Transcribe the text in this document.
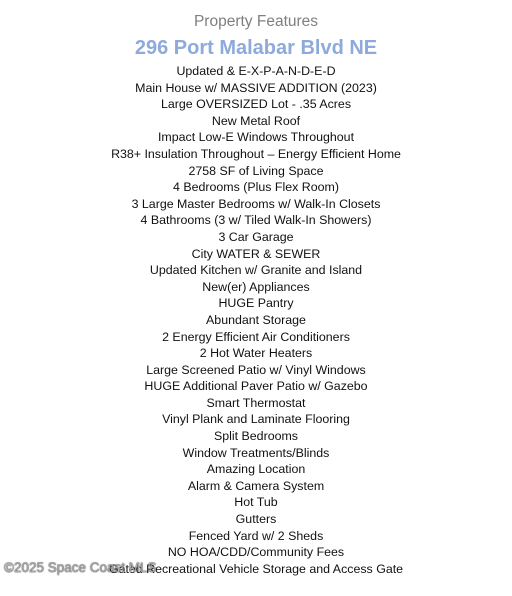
Property Features
296 Port Malabar Blvd NE
Updated & E-X-P-A-N-D-E-D
Main House w/ MASSIVE ADDITION (2023)
Large OVERSIZED Lot - .35 Acres
New Metal Roof
Impact Low-E Windows Throughout
R38+ Insulation Throughout – Energy Efficient Home
2758 SF of Living Space
4 Bedrooms (Plus Flex Room)
3 Large Master Bedrooms w/ Walk-In Closets
4 Bathrooms (3 w/ Tiled Walk-In Showers)
3 Car Garage
City WATER & SEWER
Updated Kitchen w/ Granite and Island
New(er) Appliances
HUGE Pantry
Abundant Storage
2 Energy Efficient Air Conditioners
2 Hot Water Heaters
Large Screened Patio w/ Vinyl Windows
HUGE Additional Paver Patio w/ Gazebo
Smart Thermostat
Vinyl Plank and Laminate Flooring
Split Bedrooms
Window Treatments/Blinds
Amazing Location
Alarm & Camera System
Hot Tub
Gutters
Fenced Yard w/ 2 Sheds
NO HOA/CDD/Community Fees
Gated Recreational Vehicle Storage and Access Gate
©2025 Space Coast MLS
